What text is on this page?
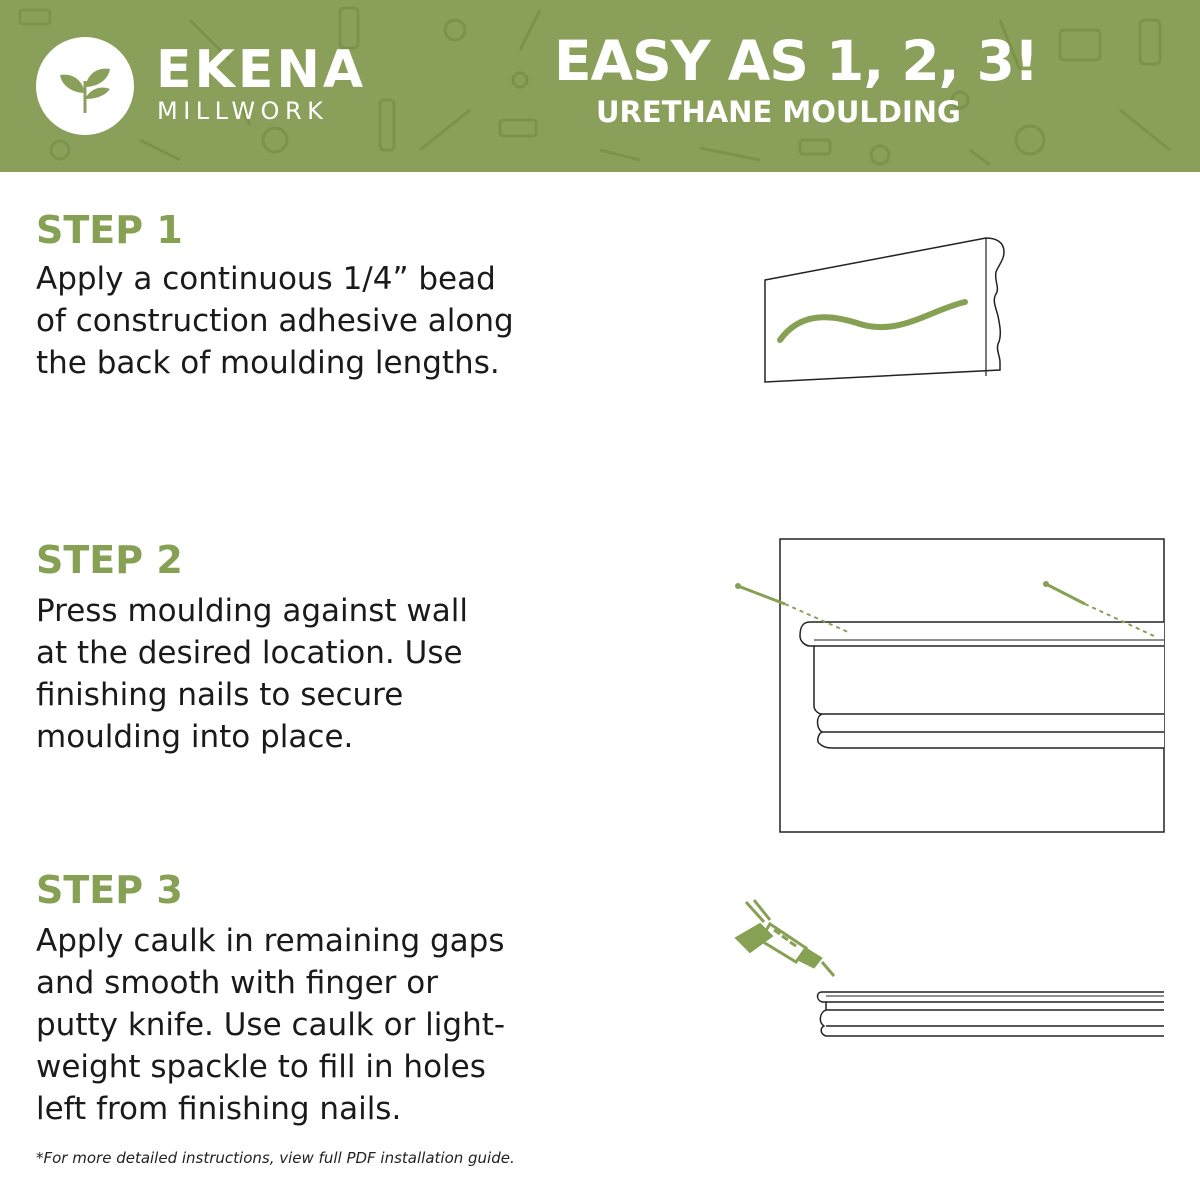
EKENA
MILLWORK
EASY AS 1, 2, 3!
URETHANE MOULDING
STEP 1
Apply a continuous 1/4” bead
of construction adhesive along
the back of moulding lengths.
STEP 2
Press moulding against wall
at the desired location. Use
finishing nails to secure
moulding into place.
STEP 3
Apply caulk in remaining gaps
and smooth with finger or
putty knife. Use caulk or light-
weight spackle to fill in holes
left from finishing nails.
*For more detailed instructions, view full PDF installation guide.
